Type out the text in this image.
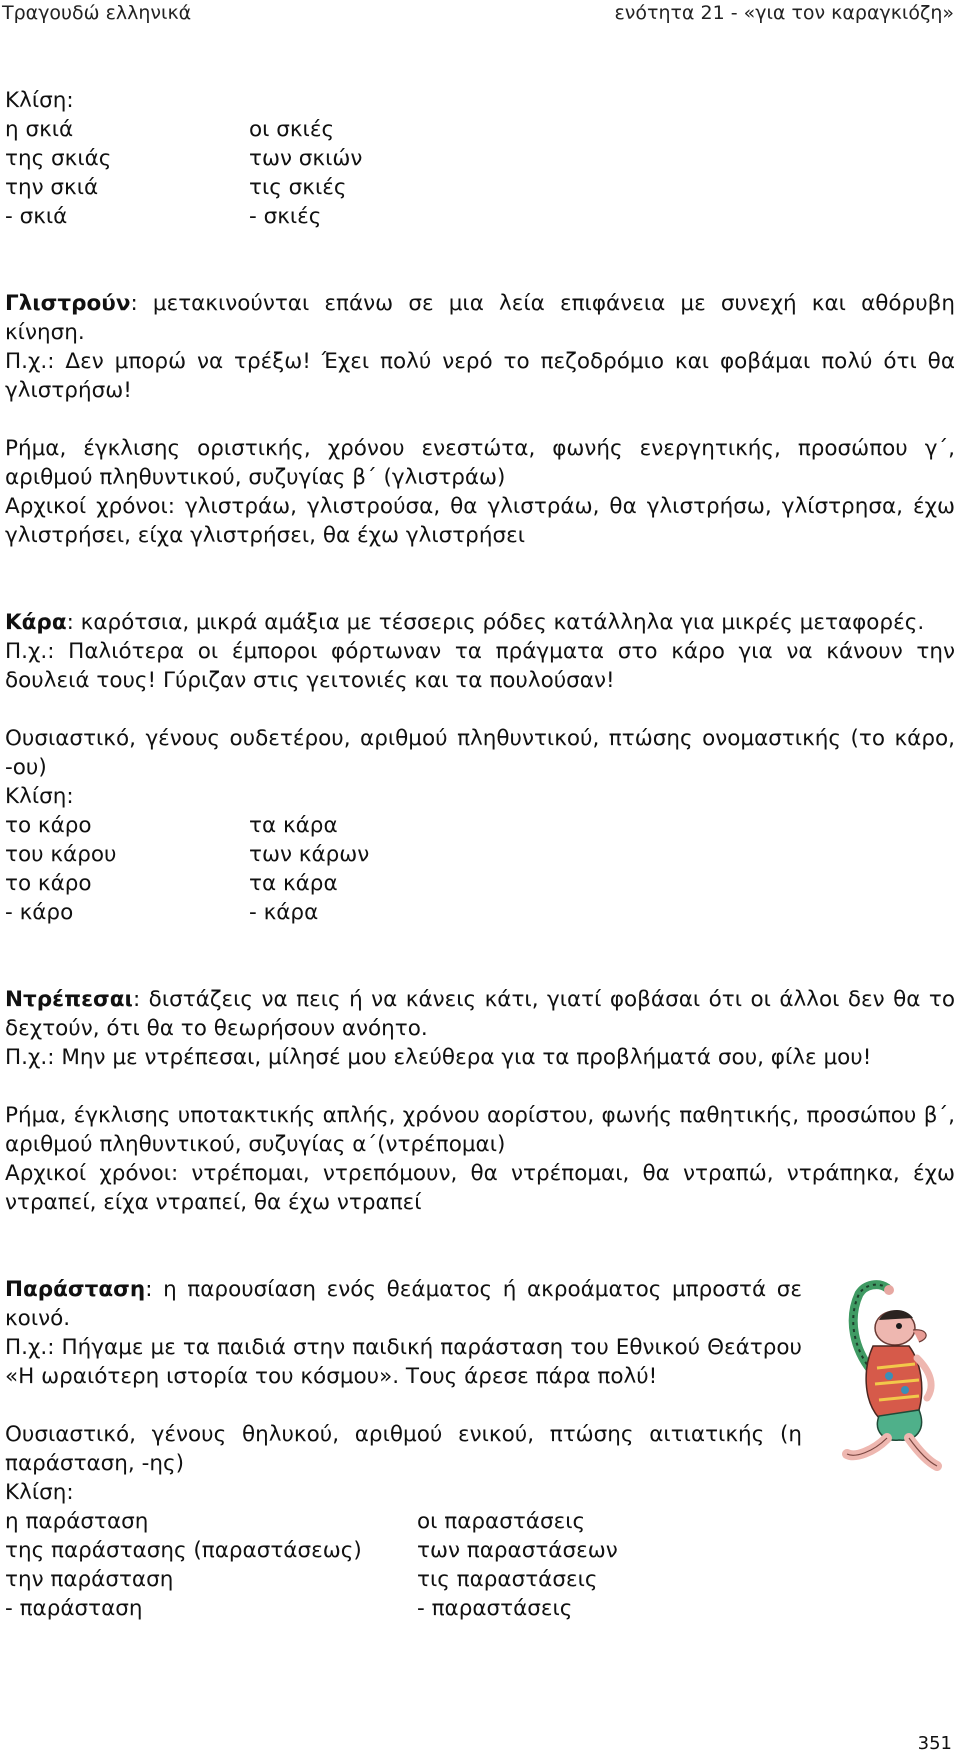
Τραγουδώ ελληνικά	ενότητα 21 - «για τον καραγκιόζη»

Κλίση:

η σκιά	οι σκιές
της σκιάς	των σκιών
την σκιά	τις σκιές
- σκιά	- σκιές

Γλιστρούν: μετακινούνται επάνω σε μια λεία επιφάνεια με συνεχή και αθόρυβη κίνηση.

Π.χ.: Δεν μπορώ να τρέξω! Έχει πολύ νερό το πεζοδρόμιο και φοβάμαι πολύ ότι θα γλιστρήσω!

Ρήμα, έγκλισης οριστικής, χρόνου ενεστώτα, φωνής ενεργητικής, προσώπου γ΄, αριθμού πληθυντικού, συζυγίας β΄ (γλιστράω)

Αρχικοί χρόνοι: γλιστράω, γλιστρούσα, θα γλιστράω, θα γλιστρήσω, γλίστρησα, έχω γλιστρήσει, είχα γλιστρήσει, θα έχω γλιστρήσει

Κάρα: καρότσια, μικρά αμάξια με τέσσερις ρόδες κατάλληλα για μικρές μεταφορές.

Π.χ.: Παλιότερα οι έμποροι φόρτωναν τα πράγματα στο κάρο για να κάνουν την δουλειά τους! Γύριζαν στις γειτονιές και τα πουλούσαν!

Ουσιαστικό, γένους ουδετέρου, αριθμού πληθυντικού, πτώσης ονομαστικής (το κάρο, -ου)

Κλίση:

το κάρο	τα κάρα
του κάρου	των κάρων
το κάρο	τα κάρα
- κάρο	- κάρα

Ντρέπεσαι: διστάζεις να πεις ή να κάνεις κάτι, γιατί φοβάσαι ότι οι άλλοι δεν θα το δεχτούν, ότι θα το θεωρήσουν ανόητο.

Π.χ.: Μην με ντρέπεσαι, μίλησέ μου ελεύθερα για τα προβλήματά σου, φίλε μου!

Ρήμα, έγκλισης υποτακτικής απλής, χρόνου αορίστου, φωνής παθητικής, προσώπου β΄, αριθμού πληθυντικού, συζυγίας α΄(ντρέπομαι)

Αρχικοί χρόνοι: ντρέπομαι, ντρεπόμουν, θα ντρέπομαι, θα ντραπώ, ντράπηκα, έχω ντραπεί, είχα ντραπεί, θα έχω ντραπεί

Παράσταση: η παρουσίαση ενός θεάματος ή ακροάματος μπροστά σε κοινό.

Π.χ.: Πήγαμε με τα παιδιά στην παιδική παράσταση του Εθνικού Θεάτρου «Η ωραιότερη ιστορία του κόσμου». Τους άρεσε πάρα πολύ!

Ουσιαστικό, γένους θηλυκού, αριθμού ενικού, πτώσης αιτιατικής (η παράσταση, -ης)

Κλίση:

η παράσταση	οι παραστάσεις
της παράστασης (παραστάσεως)	των παραστάσεων
την παράσταση	τις παραστάσεις
- παράσταση	- παραστάσεις
351
